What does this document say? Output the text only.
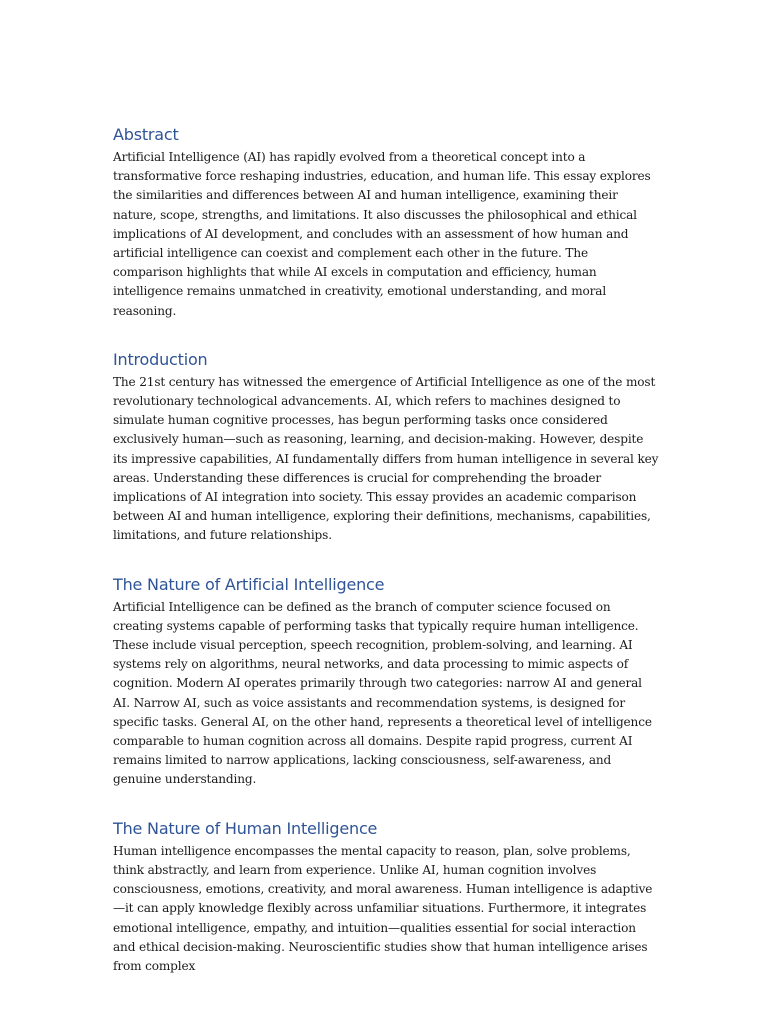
Abstract

Artificial Intelligence (AI) has rapidly evolved from a theoretical concept into a transformative force reshaping industries, education, and human life. This essay explores the similarities and differences between AI and human intelligence, examining their nature, scope, strengths, and limitations. It also discusses the philosophical and ethical implications of AI development, and concludes with an assessment of how human and artificial intelligence can coexist and complement each other in the future. The comparison highlights that while AI excels in computation and efficiency, human intelligence remains unmatched in creativity, emotional understanding, and moral reasoning.

Introduction

The 21st century has witnessed the emergence of Artificial Intelligence as one of the most revolutionary technological advancements. AI, which refers to machines designed to simulate human cognitive processes, has begun performing tasks once considered exclusively human—such as reasoning, learning, and decision-making. However, despite its impressive capabilities, AI fundamentally differs from human intelligence in several key areas. Understanding these differences is crucial for comprehending the broader implications of AI integration into society. This essay provides an academic comparison between AI and human intelligence, exploring their definitions, mechanisms, capabilities, limitations, and future relationships.

The Nature of Artificial Intelligence

Artificial Intelligence can be defined as the branch of computer science focused on creating systems capable of performing tasks that typically require human intelligence. These include visual perception, speech recognition, problem-solving, and learning. AI systems rely on algorithms, neural networks, and data processing to mimic aspects of cognition. Modern AI operates primarily through two categories: narrow AI and general AI. Narrow AI, such as voice assistants and recommendation systems, is designed for specific tasks. General AI, on the other hand, represents a theoretical level of intelligence comparable to human cognition across all domains. Despite rapid progress, current AI remains limited to narrow applications, lacking consciousness, self-awareness, and genuine understanding.

The Nature of Human Intelligence

Human intelligence encompasses the mental capacity to reason, plan, solve problems, think abstractly, and learn from experience. Unlike AI, human cognition involves consciousness, emotions, creativity, and moral awareness. Human intelligence is adaptive—it can apply knowledge flexibly across unfamiliar situations. Furthermore, it integrates emotional intelligence, empathy, and intuition—qualities essential for social interaction and ethical decision-making. Neuroscientific studies show that human intelligence arises from complex
